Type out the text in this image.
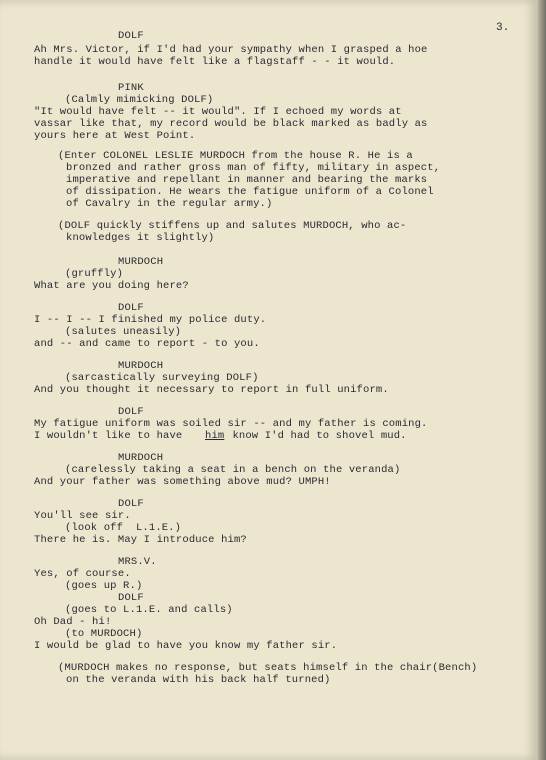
3.

DOLF

Ah Mrs. Victor, if I'd had your sympathy when I grasped a hoe

handle it would have felt like a flagstaff - - it would.

PINK

(Calmly mimicking DOLF)

"It would have felt -- it would". If I echoed my words at

vassar like that, my record would be black marked as badly as

yours here at West Point.

(Enter COLONEL LESLIE MURDOCH from the house R. He is a

bronzed and rather gross man of fifty, military in aspect,

imperative and repellant in manner and bearing the marks

of dissipation. He wears the fatigue uniform of a Colonel

of Cavalry in the regular army.)

(DOLF quickly stiffens up and salutes MURDOCH, who ac-

knowledges it slightly)

MURDOCH

(gruffly)

What are you doing here?

DOLF

I -- I -- I finished my police duty.

(salutes uneasily)

and -- and came to report - to you.

MURDOCH

(sarcastically surveying DOLF)

And you thought it necessary to report in full uniform.

DOLF

My fatigue uniform was soiled sir -- and my father is coming.

I wouldn't like to have him know I'd had to shovel mud.

MURDOCH

(carelessly taking a seat in a bench on the veranda)

And your father was something above mud? UMPH!

DOLF

You'll see sir.

(look off  L.1.E.)

There he is. May I introduce him?

MRS.V.

Yes, of course.

(goes up R.)

DOLF

(goes to L.1.E. and calls)

Oh Dad - hi!

(to MURDOCH)

I would be glad to have you know my father sir.

(MURDOCH makes no response, but seats himself in the chair(Bench)

on the veranda with his back half turned)
